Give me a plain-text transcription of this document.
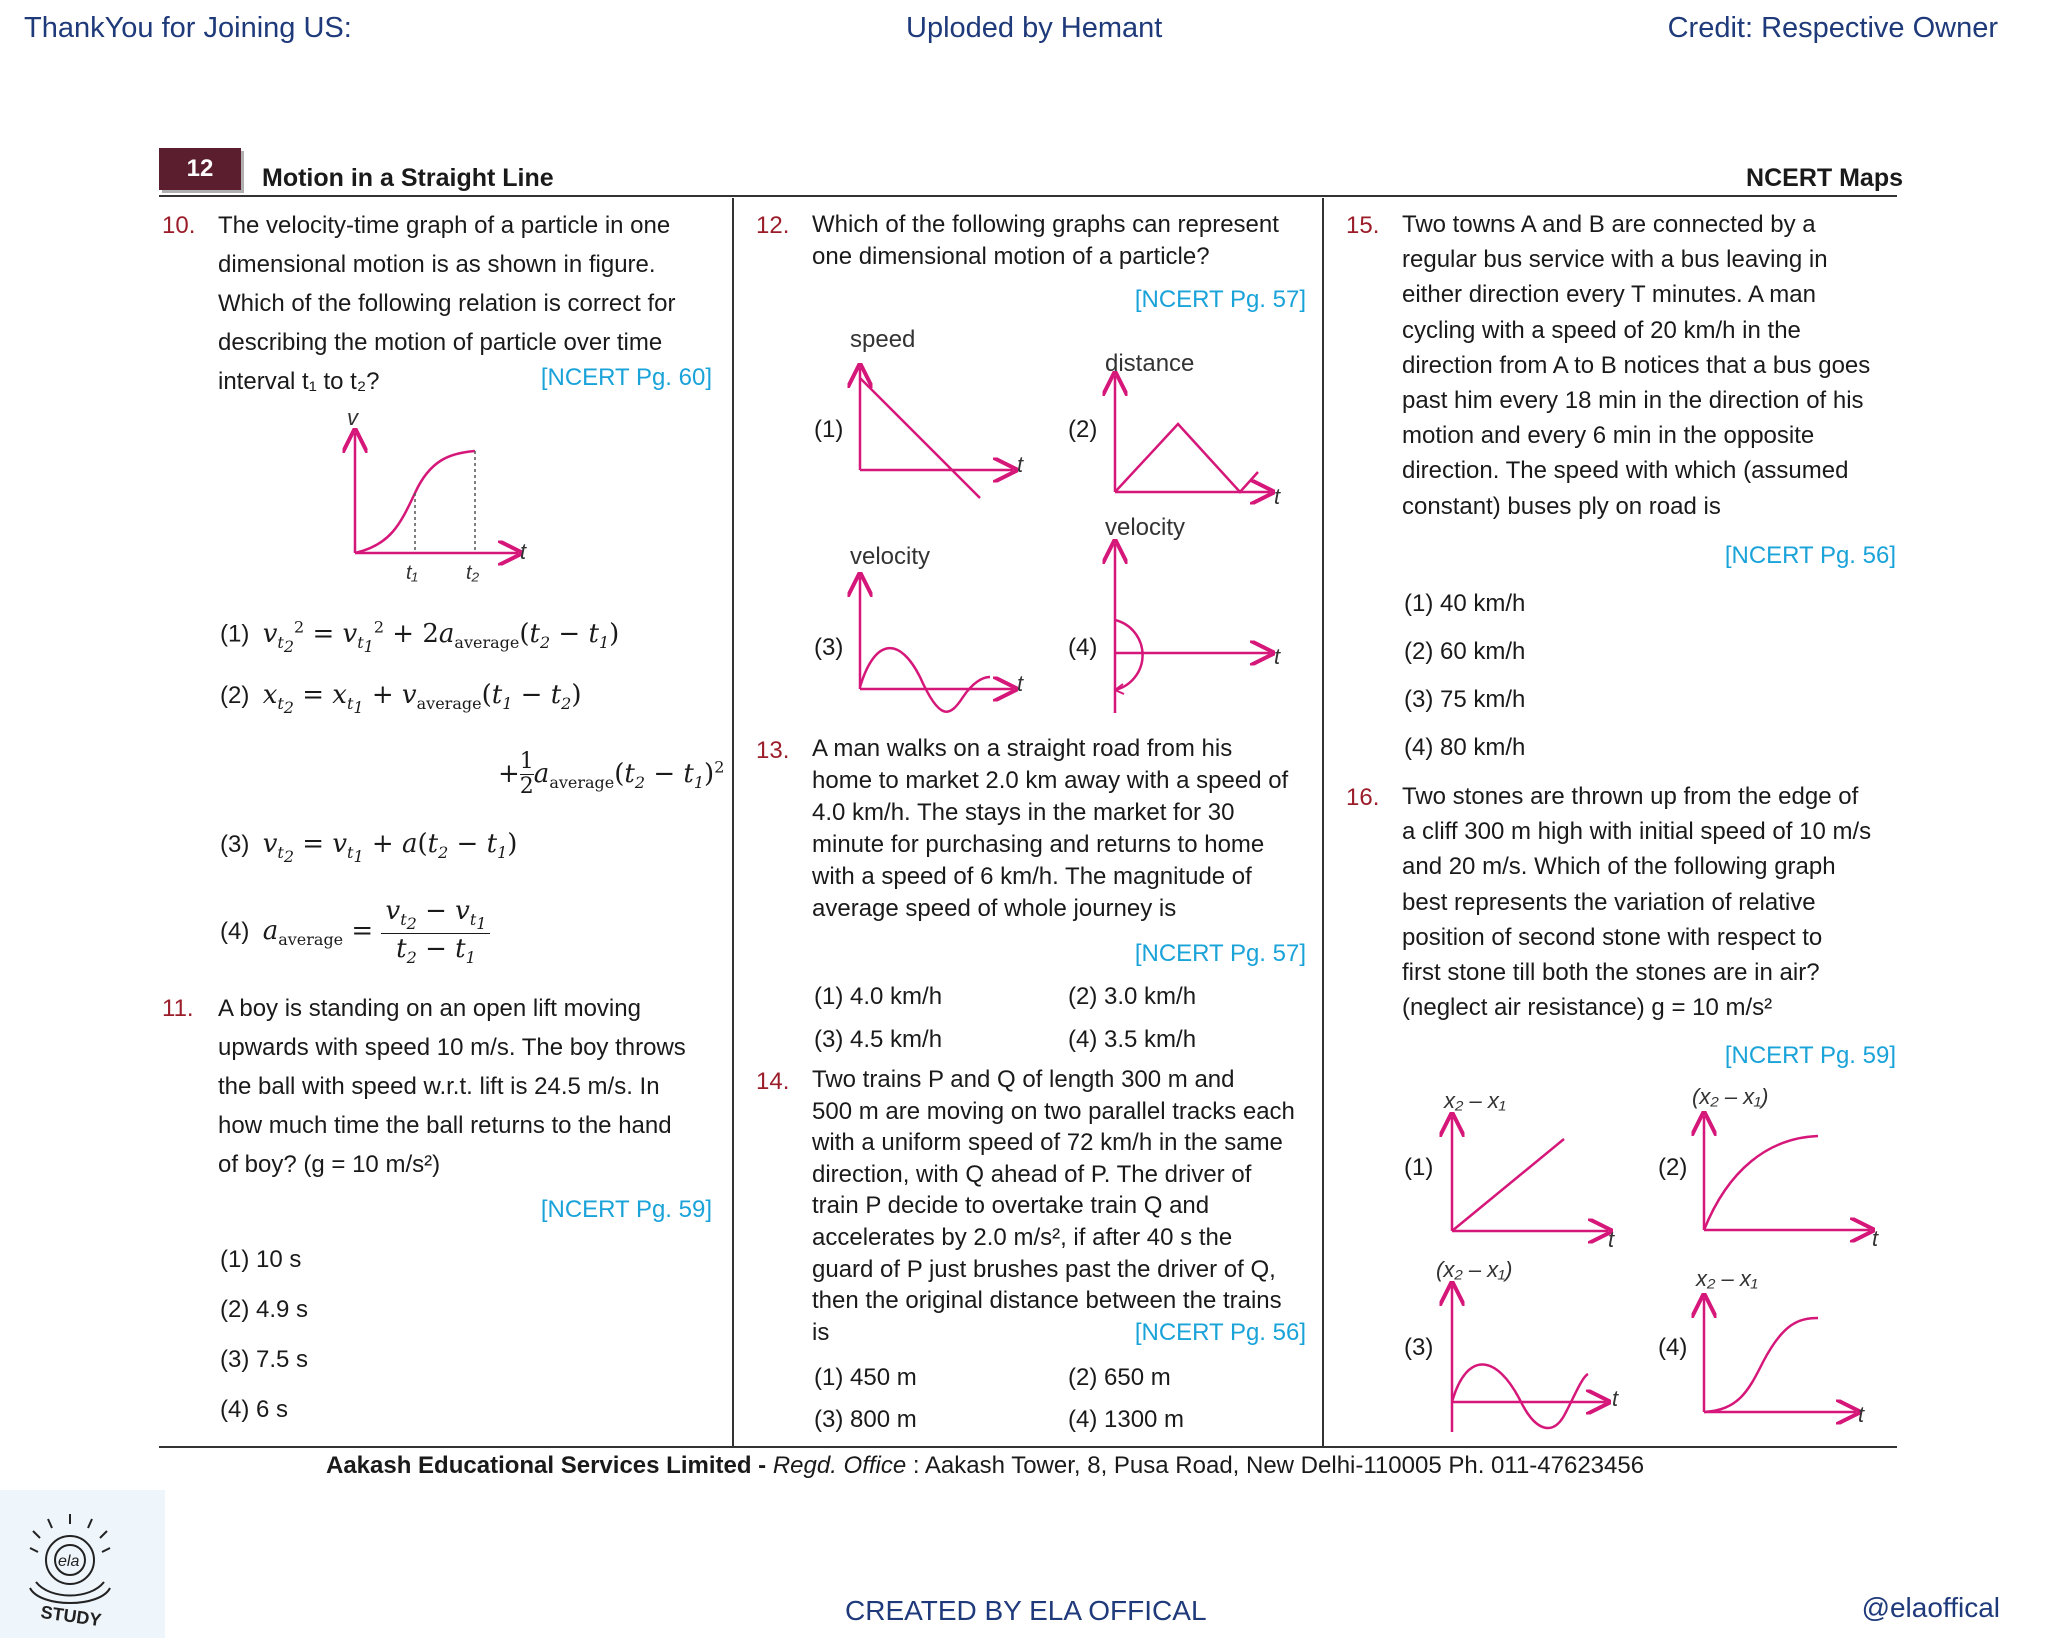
ThankYou for Joining US:	Uploded by Hemant	Credit: Respective Owner
12	Motion in a Straight Line	NCERT Maps
10. The velocity-time graph of a particle in one
dimensional motion is as shown in figure.
Which of the following relation is correct for
describing the motion of particle over time
interval t₁ to t₂?	[NCERT Pg. 60]
v
t
t₁ t₂
(1) $v_{t_2}^2 = v_{t_1}^2 + 2a_{average}(t_2 - t_1)$
(2) $x_{t_2} = x_{t_1} + v_{average}(t_1 - t_2)$
+ $\frac{1}{2} a_{average}(t_2 - t_1)^2$
(3) $v_{t_2} = v_{t_1} + a(t_2 - t_1)$
(4) $a_{average} = \frac{v_{t_2} - v_{t_1}}{t_2 - t_1}$
11. A boy is standing on an open lift moving
upwards with speed 10 m/s. The boy throws
the ball with speed w.r.t. lift is 24.5 m/s. In
how much time the ball returns to the hand
of boy? (g = 10 m/s²)
[NCERT Pg. 59]
(1) 10 s
(2) 4.9 s
(3) 7.5 s
(4) 6 s
12. Which of the following graphs can represent
one dimensional motion of a particle?
[NCERT Pg. 57]
(1)
speed
t
(2)
distance
t
(3)
velocity
t
(4)
velocity
t
13. A man walks on a straight road from his
home to market 2.0 km away with a speed of
4.0 km/h. The stays in the market for 30
minute for purchasing and returns to home
with a speed of 6 km/h. The magnitude of
average speed of whole journey is
[NCERT Pg. 57]
(1) 4.0 km/h	(2) 3.0 km/h
(3) 4.5 km/h	(4) 3.5 km/h
14. Two trains P and Q of length 300 m and
500 m are moving on two parallel tracks each
with a uniform speed of 72 km/h in the same
direction, with Q ahead of P. The driver of
train P decide to overtake train Q and
accelerates by 2.0 m/s², if after 40 s the
guard of P just brushes past the driver of Q,
then the original distance between the trains
is	[NCERT Pg. 56]
(1) 450 m	(2) 650 m
(3) 800 m	(4) 1300 m
15. Two towns A and B are connected by a
regular bus service with a bus leaving in
either direction every T minutes. A man
cycling with a speed of 20 km/h in the
direction from A to B notices that a bus goes
past him every 18 min in the direction of his
motion and every 6 min in the opposite
direction. The speed with which (assumed
constant) buses ply on road is
[NCERT Pg. 56]
(1) 40 km/h
(2) 60 km/h
(3) 75 km/h
(4) 80 km/h
16. Two stones are thrown up from the edge of
a cliff 300 m high with initial speed of 10 m/s
and 20 m/s. Which of the following graph
best represents the variation of relative
position of second stone with respect to
first stone till both the stones are in air?
(neglect air resistance) g = 10 m/s²
[NCERT Pg. 59]
(1)
x₂ – x₁
t
(2)
(x₂ – x₁)
t
(3)
(x₂ – x₁)
t
(4)
x₂ – x₁
t
Aakash Educational Services Limited - Regd. Office : Aakash Tower, 8, Pusa Road, New Delhi-110005 Ph. 011-47623456
ela
STUDY	CREATED BY ELA OFFICAL	@elaoffical
